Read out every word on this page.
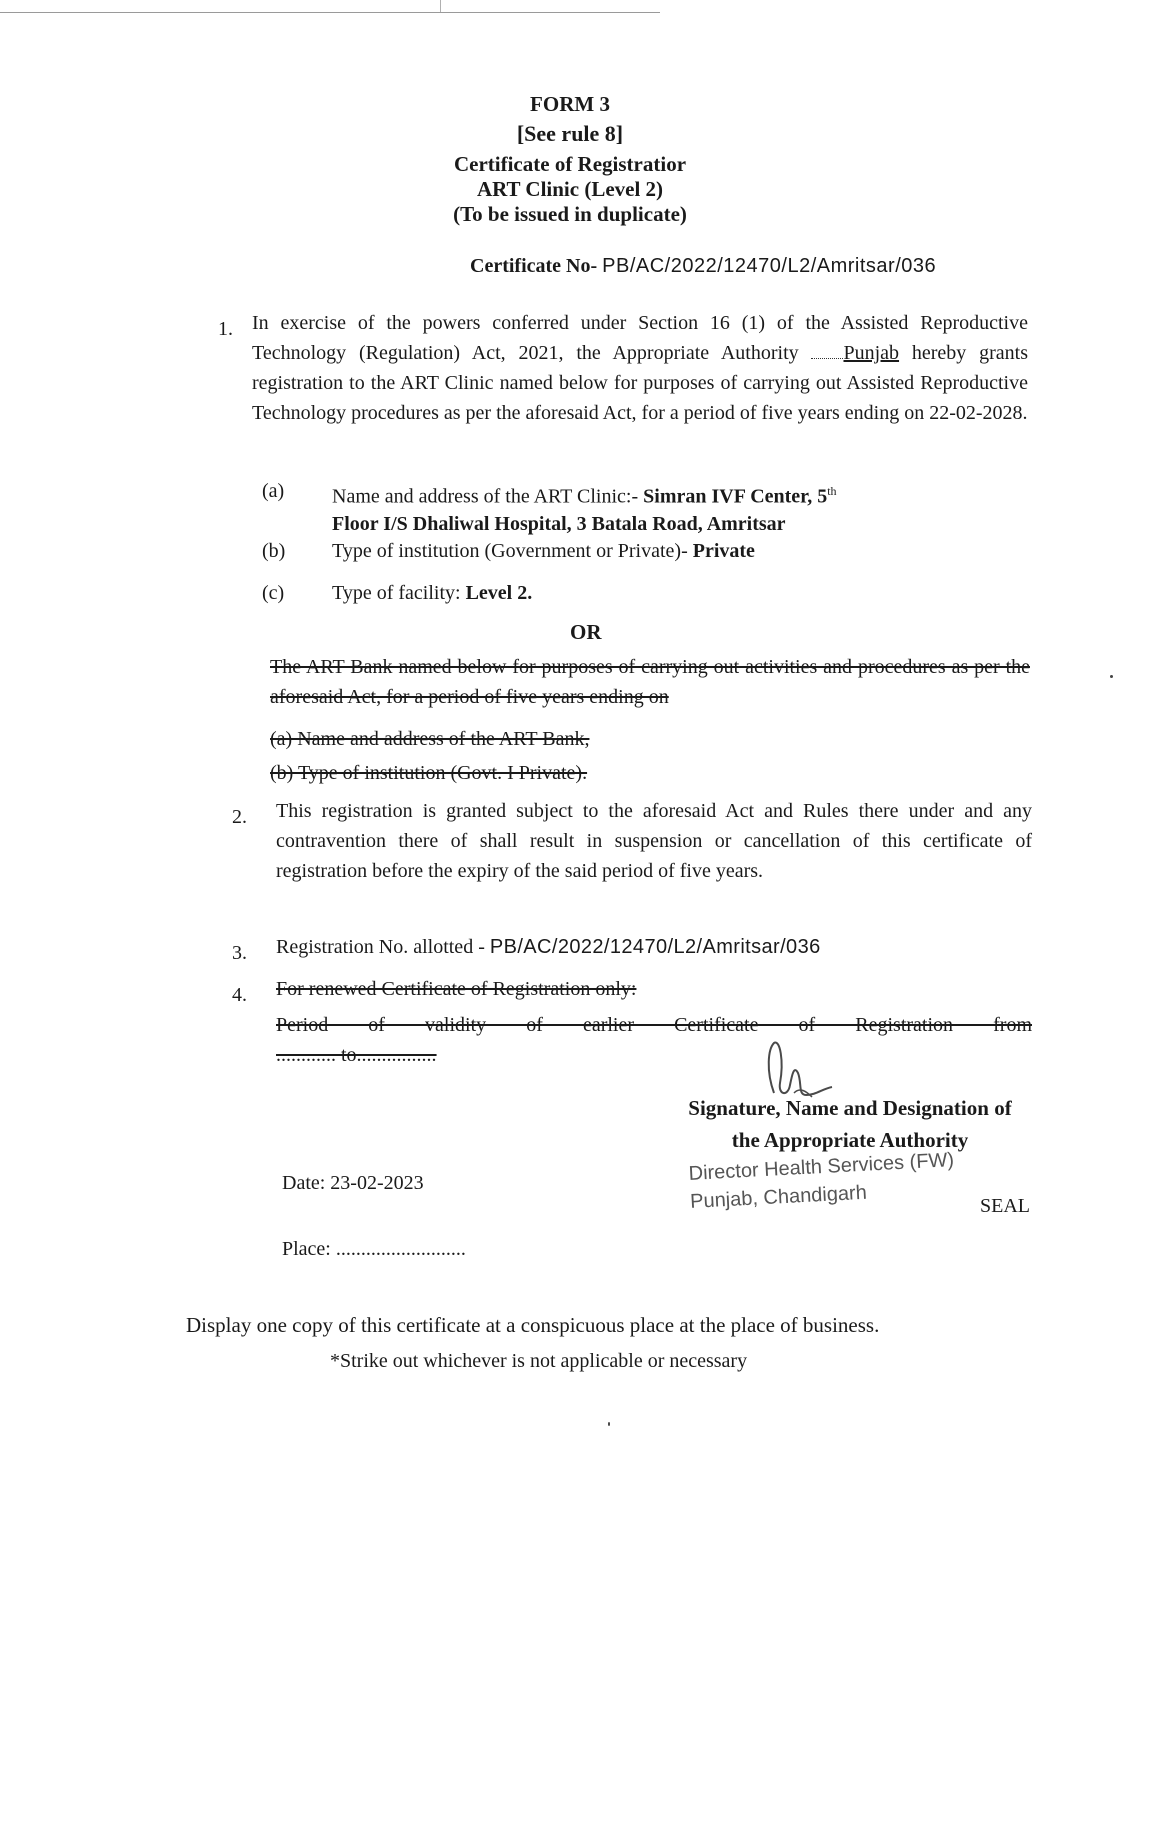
FORM 3
[See rule 8]
Certificate of Registratior
ART Clinic (Level 2)
(To be issued in duplicate)
Certificate No- PB/AC/2022/12470/L2/Amritsar/036
1. In exercise of the powers conferred under Section 16 (1) of the Assisted Reproductive Technology (Regulation) Act, 2021, the Appropriate Authority Punjab hereby grants registration to the ART Clinic named below for purposes of carrying out Assisted Reproductive Technology procedures as per the aforesaid Act, for a period of five years ending on 22-02-2028.
(a) Name and address of the ART Clinic:- Simran IVF Center, 5th
Floor I/S Dhaliwal Hospital, 3 Batala Road, Amritsar
(b) Type of institution (Government or Private)- Private
(c) Type of facility: Level 2.
OR
The ART Bank named below for purposes of carrying out activities and procedures as per the aforesaid Act, for a period of five years ending on
(a) Name and address of the ART Bank,
(b) Type of institution (Govt. I Private).
2. This registration is granted subject to the aforesaid Act and Rules there under and any contravention there of shall result in suspension or cancellation of this certificate of registration before the expiry of the said period of five years.
3. Registration No. allotted - PB/AC/2022/12470/L2/Amritsar/036
4. For renewed Certificate of Registration only:
Period of validity of earlier Certificate of Registration from
............ to................
Signature, Name and Designation of
the Appropriate Authority
Director Health Services (FW)
Punjab, Chandigarh	SEAL
Date: 23-02-2023
Place: ..........................
Display one copy of this certificate at a conspicuous place at the place of business.
*Strike out whichever is not applicable or necessary
